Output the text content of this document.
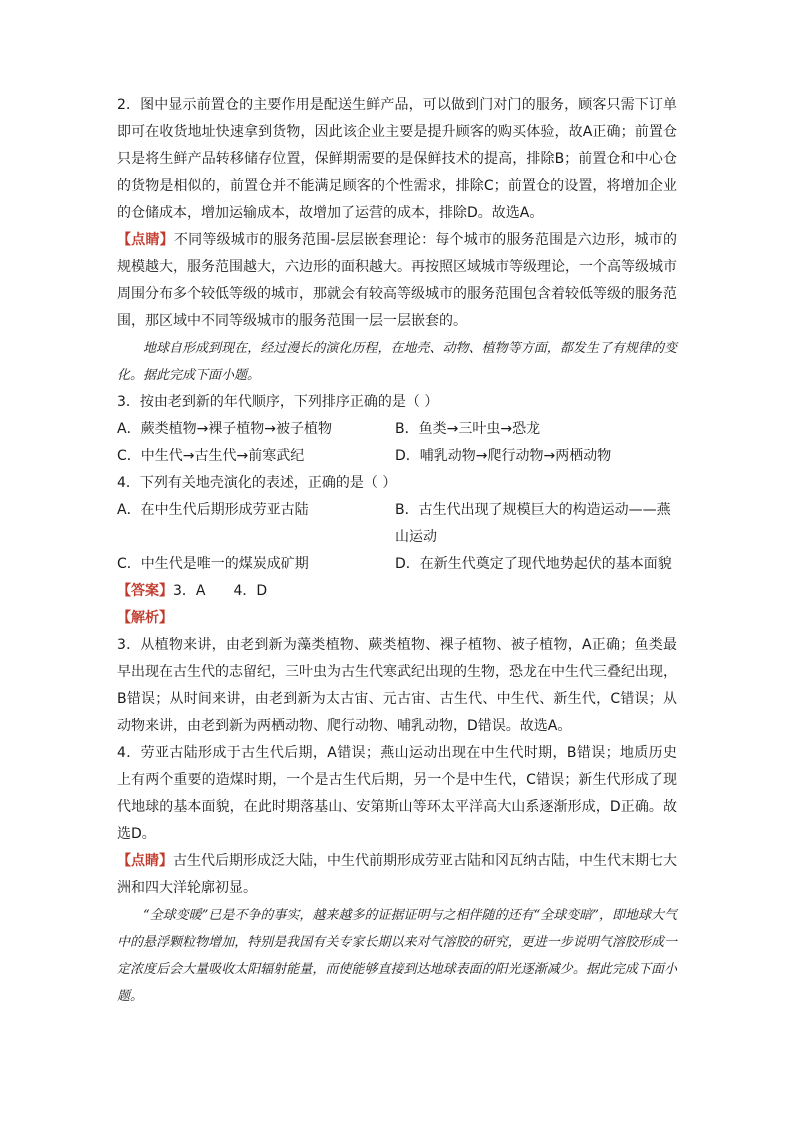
2．图中显示前置仓的主要作用是配送生鲜产品，可以做到门对门的服务，顾客只需下订单即可在收货地址快速拿到货物，因此该企业主要是提升顾客的购买体验，故A正确；前置仓只是将生鲜产品转移储存位置，保鲜期需要的是保鲜技术的提高，排除B；前置仓和中心仓的货物是相似的，前置仓并不能满足顾客的个性需求，排除C；前置仓的设置，将增加企业的仓储成本，增加运输成本，故增加了运营的成本，排除D。故选A。

【点睛】不同等级城市的服务范围-层层嵌套理论：每个城市的服务范围是六边形，城市的规模越大，服务范围越大，六边形的面积越大。再按照区域城市等级理论，一个高等级城市周围分布多个较低等级的城市，那就会有较高等级城市的服务范围包含着较低等级的服务范围，那区域中不同等级城市的服务范围一层一层嵌套的。

地球自形成到现在，经过漫长的演化历程，在地壳、动物、植物等方面，都发生了有规律的变化。据此完成下面小题。

3．按由老到新的年代顺序，下列排序正确的是（ ）

A．蕨类植物→裸子植物→被子植物	B．鱼类→三叶虫→恐龙
C．中生代→古生代→前寒武纪	D．哺乳动物→爬行动物→两栖动物

4．下列有关地壳演化的表述，正确的是（ ）

A．在中生代后期形成劳亚古陆	B．古生代出现了规模巨大的构造运动——燕山运动
C．中生代是唯一的煤炭成矿期	D．在新生代奠定了现代地势起伏的基本面貌

【答案】3．A　　4．D

【解析】

3．从植物来讲，由老到新为藻类植物、蕨类植物、裸子植物、被子植物，A正确；鱼类最早出现在古生代的志留纪，三叶虫为古生代寒武纪出现的生物，恐龙在中生代三叠纪出现，B错误；从时间来讲，由老到新为太古宙、元古宙、古生代、中生代、新生代，C错误；从动物来讲，由老到新为两栖动物、爬行动物、哺乳动物，D错误。故选A。

4．劳亚古陆形成于古生代后期，A错误；燕山运动出现在中生代时期，B错误；地质历史上有两个重要的造煤时期，一个是古生代后期，另一个是中生代，C错误；新生代形成了现代地球的基本面貌，在此时期落基山、安第斯山等环太平洋高大山系逐渐形成，D正确。故选D。

【点睛】古生代后期形成泛大陆，中生代前期形成劳亚古陆和冈瓦纳古陆，中生代末期七大洲和四大洋轮廓初显。

“全球变暖”已是不争的事实，越来越多的证据证明与之相伴随的还有“全球变暗”，即地球大气中的悬浮颗粒物增加，特别是我国有关专家长期以来对气溶胶的研究，更进一步说明气溶胶形成一定浓度后会大量吸收太阳辐射能量，而使能够直接到达地球表面的阳光逐渐减少。据此完成下面小题。
